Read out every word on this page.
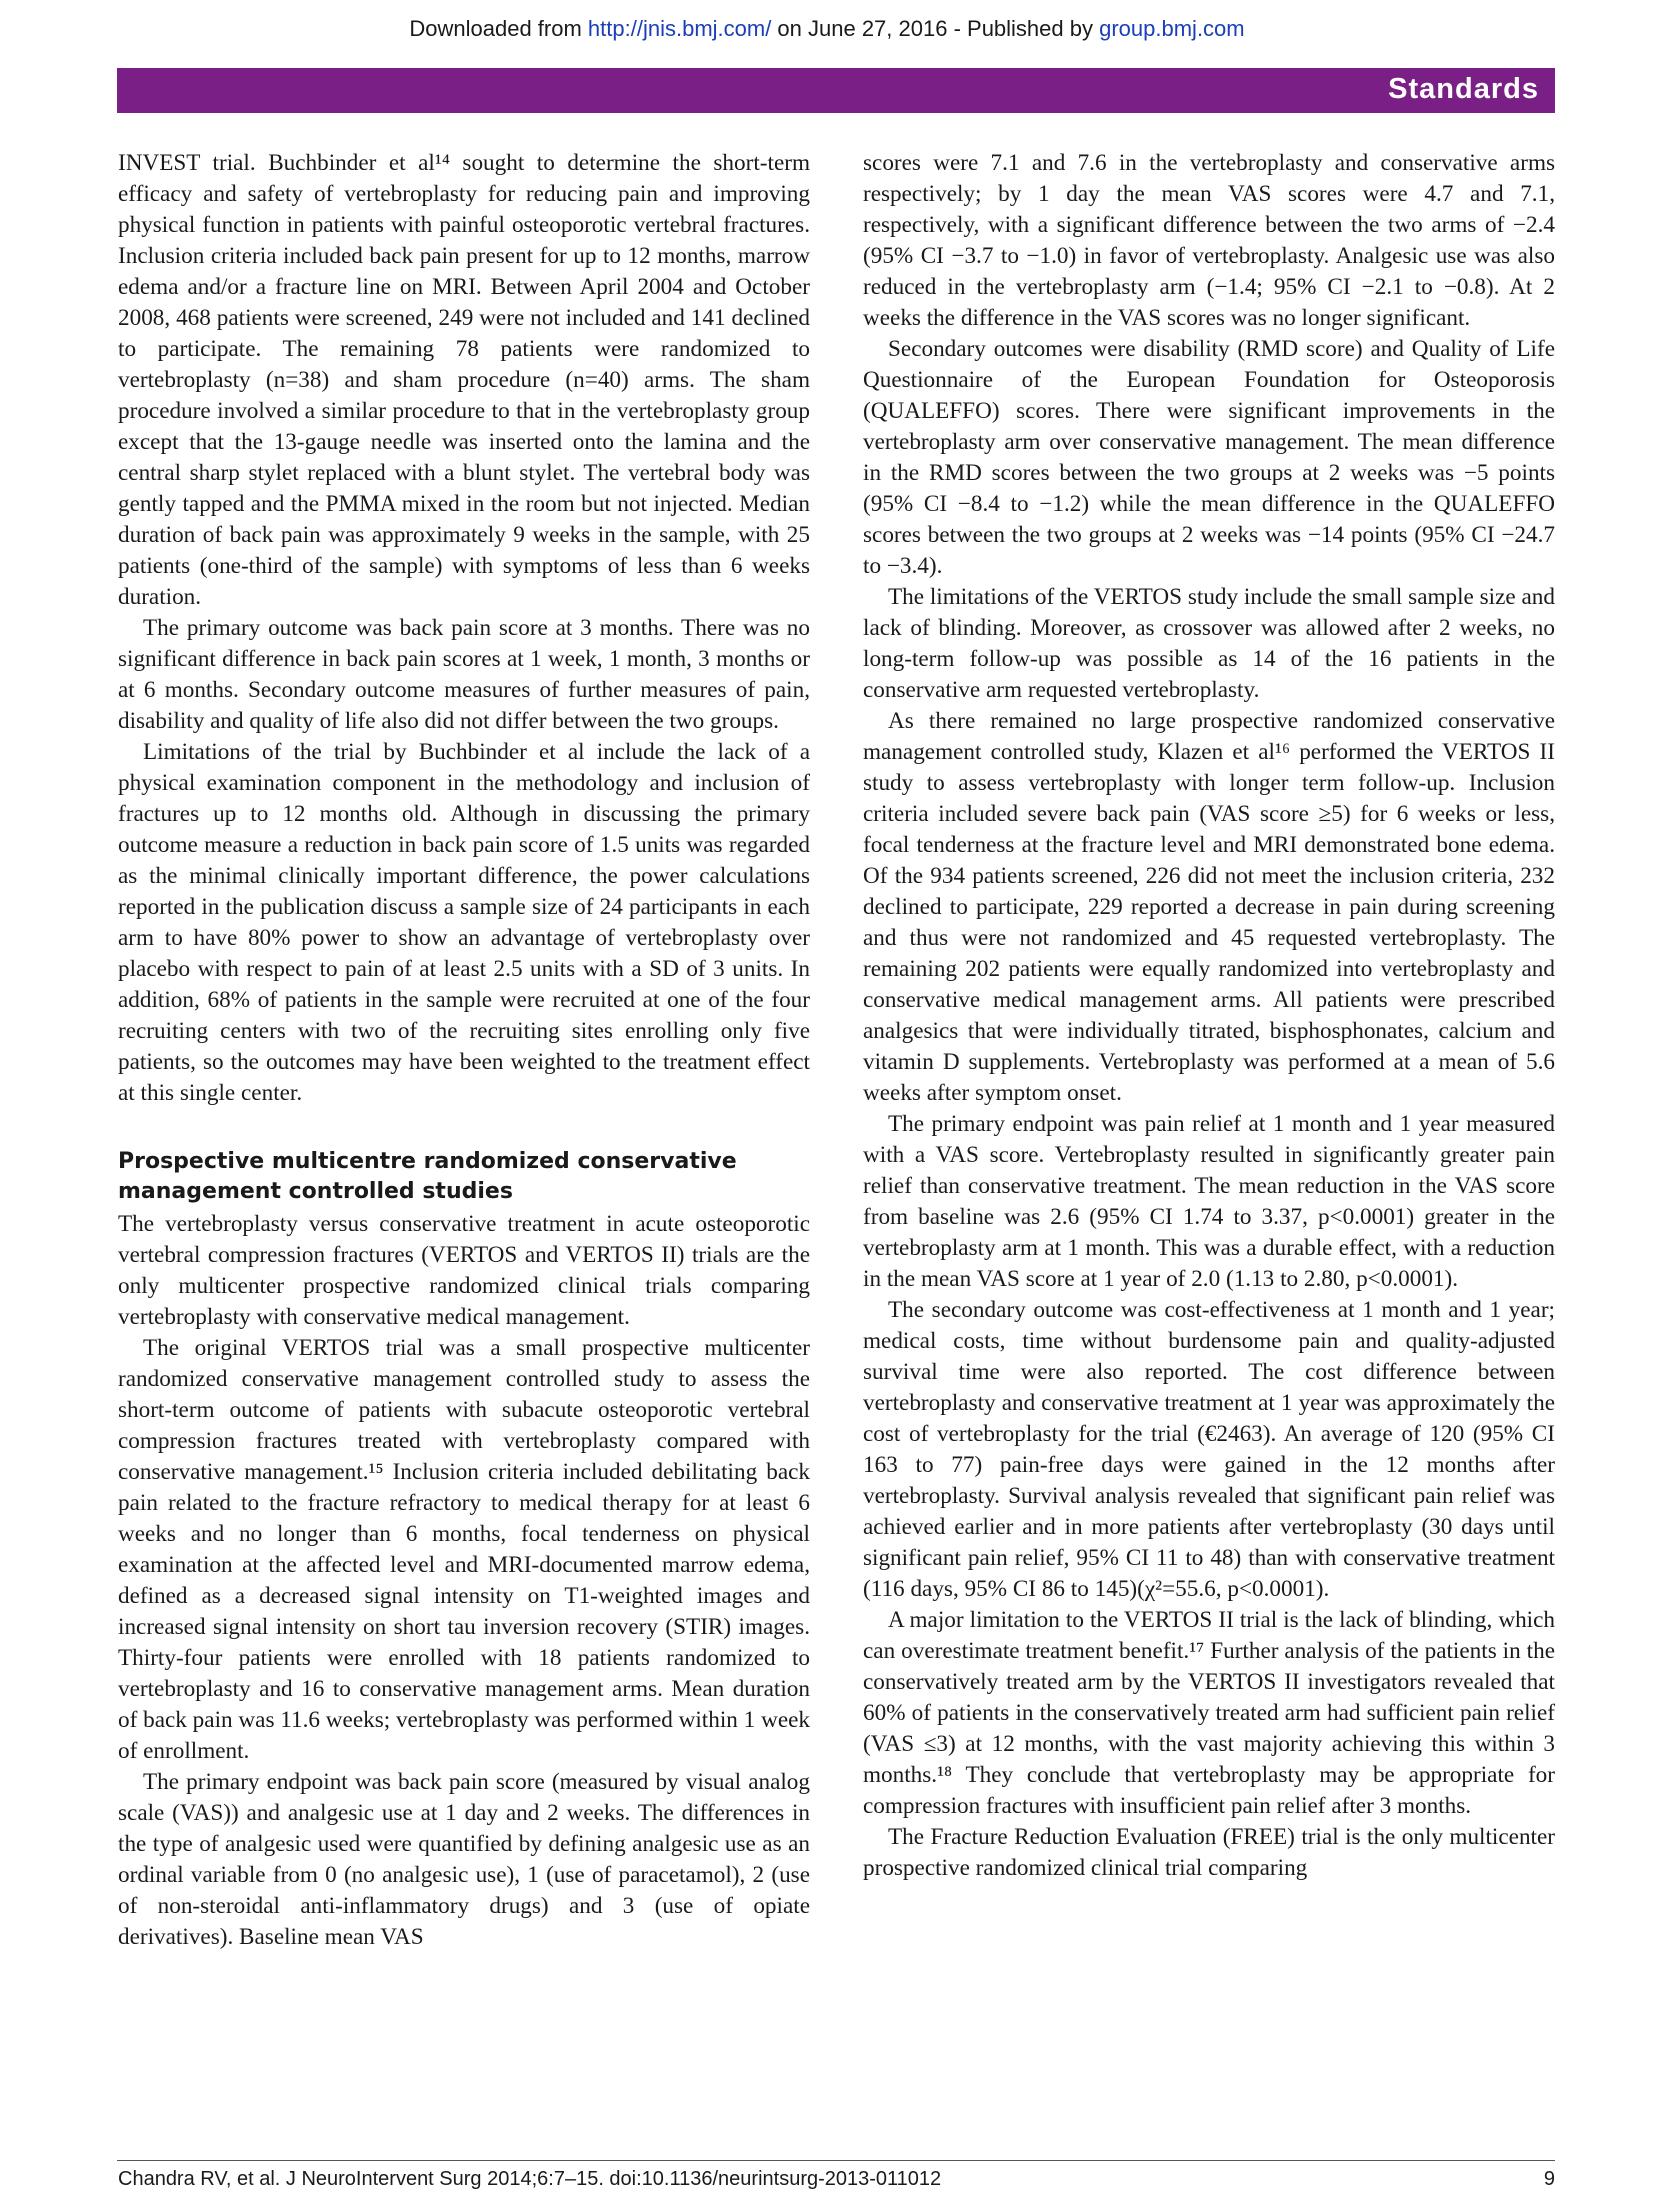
Downloaded from http://jnis.bmj.com/ on June 27, 2016 - Published by group.bmj.com
Standards

INVEST trial. Buchbinder et al¹⁴ sought to determine the short-term efficacy and safety of vertebroplasty for reducing pain and improving physical function in patients with painful osteoporotic vertebral fractures. Inclusion criteria included back pain present for up to 12 months, marrow edema and/or a fracture line on MRI. Between April 2004 and October 2008, 468 patients were screened, 249 were not included and 141 declined to participate. The remaining 78 patients were randomized to vertebroplasty (n=38) and sham procedure (n=40) arms. The sham procedure involved a similar procedure to that in the vertebroplasty group except that the 13-gauge needle was inserted onto the lamina and the central sharp stylet replaced with a blunt stylet. The vertebral body was gently tapped and the PMMA mixed in the room but not injected. Median duration of back pain was approximately 9 weeks in the sample, with 25 patients (one-third of the sample) with symptoms of less than 6 weeks duration.

The primary outcome was back pain score at 3 months. There was no significant difference in back pain scores at 1 week, 1 month, 3 months or at 6 months. Secondary outcome measures of further measures of pain, disability and quality of life also did not differ between the two groups.

Limitations of the trial by Buchbinder et al include the lack of a physical examination component in the methodology and inclusion of fractures up to 12 months old. Although in discussing the primary outcome measure a reduction in back pain score of 1.5 units was regarded as the minimal clinically important difference, the power calculations reported in the publication discuss a sample size of 24 participants in each arm to have 80% power to show an advantage of vertebroplasty over placebo with respect to pain of at least 2.5 units with a SD of 3 units. In addition, 68% of patients in the sample were recruited at one of the four recruiting centers with two of the recruiting sites enrolling only five patients, so the outcomes may have been weighted to the treatment effect at this single center.

Prospective multicentre randomized conservative management controlled studies

The vertebroplasty versus conservative treatment in acute osteoporotic vertebral compression fractures (VERTOS and VERTOS II) trials are the only multicenter prospective randomized clinical trials comparing vertebroplasty with conservative medical management.

The original VERTOS trial was a small prospective multicenter randomized conservative management controlled study to assess the short-term outcome of patients with subacute osteoporotic vertebral compression fractures treated with vertebroplasty compared with conservative management.¹⁵ Inclusion criteria included debilitating back pain related to the fracture refractory to medical therapy for at least 6 weeks and no longer than 6 months, focal tenderness on physical examination at the affected level and MRI-documented marrow edema, defined as a decreased signal intensity on T1-weighted images and increased signal intensity on short tau inversion recovery (STIR) images. Thirty-four patients were enrolled with 18 patients randomized to vertebroplasty and 16 to conservative management arms. Mean duration of back pain was 11.6 weeks; vertebroplasty was performed within 1 week of enrollment.

The primary endpoint was back pain score (measured by visual analog scale (VAS)) and analgesic use at 1 day and 2 weeks. The differences in the type of analgesic used were quantified by defining analgesic use as an ordinal variable from 0 (no analgesic use), 1 (use of paracetamol), 2 (use of non-steroidal anti-inflammatory drugs) and 3 (use of opiate derivatives). Baseline mean VAS

scores were 7.1 and 7.6 in the vertebroplasty and conservative arms respectively; by 1 day the mean VAS scores were 4.7 and 7.1, respectively, with a significant difference between the two arms of −2.4 (95% CI −3.7 to −1.0) in favor of vertebroplasty. Analgesic use was also reduced in the vertebroplasty arm (−1.4; 95% CI −2.1 to −0.8). At 2 weeks the difference in the VAS scores was no longer significant.

Secondary outcomes were disability (RMD score) and Quality of Life Questionnaire of the European Foundation for Osteoporosis (QUALEFFO) scores. There were significant improvements in the vertebroplasty arm over conservative management. The mean difference in the RMD scores between the two groups at 2 weeks was −5 points (95% CI −8.4 to −1.2) while the mean difference in the QUALEFFO scores between the two groups at 2 weeks was −14 points (95% CI −24.7 to −3.4).

The limitations of the VERTOS study include the small sample size and lack of blinding. Moreover, as crossover was allowed after 2 weeks, no long-term follow-up was possible as 14 of the 16 patients in the conservative arm requested vertebroplasty.

As there remained no large prospective randomized conservative management controlled study, Klazen et al¹⁶ performed the VERTOS II study to assess vertebroplasty with longer term follow-up. Inclusion criteria included severe back pain (VAS score ≥5) for 6 weeks or less, focal tenderness at the fracture level and MRI demonstrated bone edema. Of the 934 patients screened, 226 did not meet the inclusion criteria, 232 declined to participate, 229 reported a decrease in pain during screening and thus were not randomized and 45 requested vertebroplasty. The remaining 202 patients were equally randomized into vertebroplasty and conservative medical management arms. All patients were prescribed analgesics that were individually titrated, bisphosphonates, calcium and vitamin D supplements. Vertebroplasty was performed at a mean of 5.6 weeks after symptom onset.

The primary endpoint was pain relief at 1 month and 1 year measured with a VAS score. Vertebroplasty resulted in significantly greater pain relief than conservative treatment. The mean reduction in the VAS score from baseline was 2.6 (95% CI 1.74 to 3.37, p<0.0001) greater in the vertebroplasty arm at 1 month. This was a durable effect, with a reduction in the mean VAS score at 1 year of 2.0 (1.13 to 2.80, p<0.0001).

The secondary outcome was cost-effectiveness at 1 month and 1 year; medical costs, time without burdensome pain and quality-adjusted survival time were also reported. The cost difference between vertebroplasty and conservative treatment at 1 year was approximately the cost of vertebroplasty for the trial (€2463). An average of 120 (95% CI 163 to 77) pain-free days were gained in the 12 months after vertebroplasty. Survival analysis revealed that significant pain relief was achieved earlier and in more patients after vertebroplasty (30 days until significant pain relief, 95% CI 11 to 48) than with conservative treatment (116 days, 95% CI 86 to 145)(χ²=55.6, p<0.0001).

A major limitation to the VERTOS II trial is the lack of blinding, which can overestimate treatment benefit.¹⁷ Further analysis of the patients in the conservatively treated arm by the VERTOS II investigators revealed that 60% of patients in the conservatively treated arm had sufficient pain relief (VAS ≤3) at 12 months, with the vast majority achieving this within 3 months.¹⁸ They conclude that vertebroplasty may be appropriate for compression fractures with insufficient pain relief after 3 months.

The Fracture Reduction Evaluation (FREE) trial is the only multicenter prospective randomized clinical trial comparing

Chandra RV, et al. J NeuroIntervent Surg 2014;6:7–15. doi:10.1136/neurintsurg-2013-011012	9
